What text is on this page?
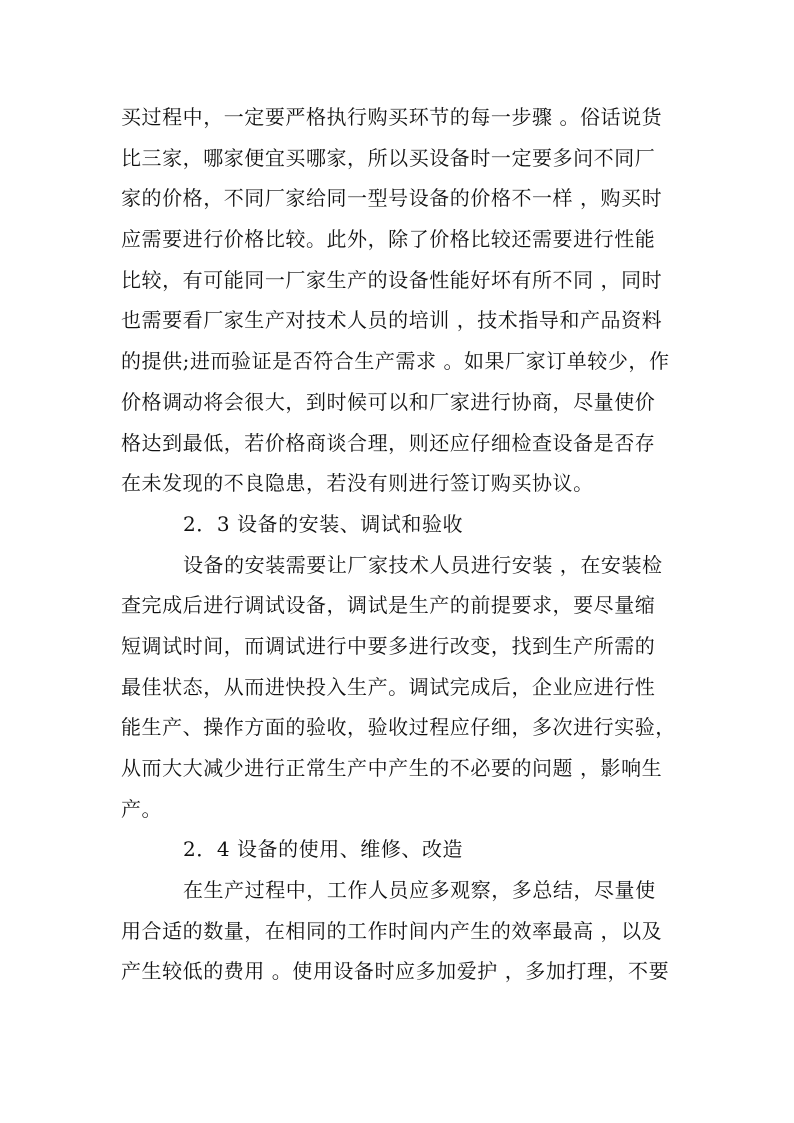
买过程中，一定要严格执行购买环节的每一步骤 。俗话说货
比三家，哪家便宜买哪家，所以买设备时一定要多问不同厂
家的价格，不同厂家给同一型号设备的价格不一样 ，购买时
应需要进行价格比较。此外，除了价格比较还需要进行性能
比较，有可能同一厂家生产的设备性能好坏有所不同 ，同时
也需要看厂家生产对技术人员的培训 ，技术指导和产品资料
的提供;进而验证是否符合生产需求 。如果厂家订单较少，作
价格调动将会很大，到时候可以和厂家进行协商，尽量使价
格达到最低，若价格商谈合理，则还应仔细检查设备是否存
在未发现的不良隐患，若没有则进行签订购买协议。
2．3 设备的安装、调试和验收
设备的安装需要让厂家技术人员进行安装 ，在安装检
查完成后进行调试设备，调试是生产的前提要求，要尽量缩
短调试时间，而调试进行中要多进行改变，找到生产所需的
最佳状态，从而进快投入生产。调试完成后，企业应进行性
能生产、操作方面的验收，验收过程应仔细，多次进行实验，
从而大大减少进行正常生产中产生的不必要的问题 ，影响生
产。
2．4 设备的使用、维修、改造
在生产过程中，工作人员应多观察，多总结，尽量使
用合适的数量，在相同的工作时间内产生的效率最高 ，以及
产生较低的费用 。使用设备时应多加爱护 ，多加打理，不要
